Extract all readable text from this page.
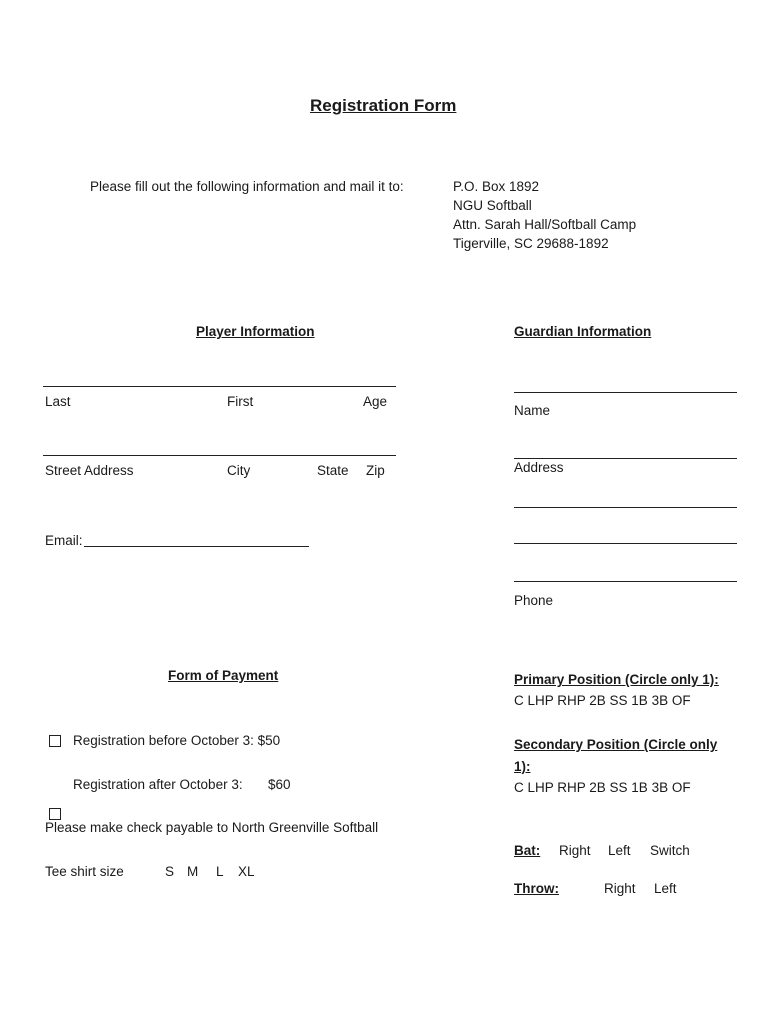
Registration Form
Please fill out the following information and mail it to:	P.O. Box 1892
NGU Softball
Attn. Sarah Hall/Softball Camp
Tigerville, SC 29688-1892
Player Information	Guardian Information
Last	First	Age
Street Address	City	State Zip
Email:
Name
Address
Phone
Form of Payment
Registration before October 3: $50
Registration after October 3: $60
Please make check payable to North Greenville Softball
Tee shirt size	S M L XL
Primary Position (Circle only 1):
C LHP RHP 2B SS 1B 3B OF
Secondary Position (Circle only
1):
C LHP RHP 2B SS 1B 3B OF
Bat: Right Left Switch
Throw:	Right Left
